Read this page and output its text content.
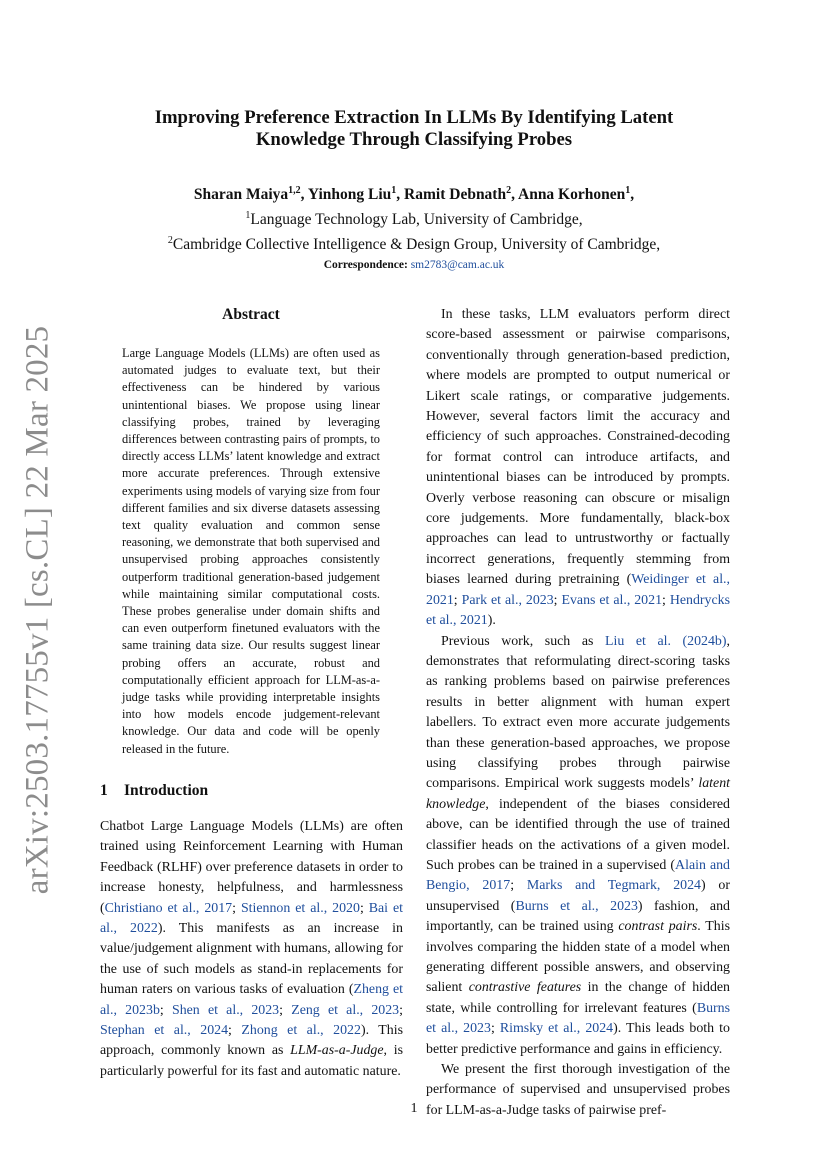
arXiv:2503.17755v1 [cs.CL] 22 Mar 2025
Improving Preference Extraction In LLMs By Identifying Latent
Knowledge Through Classifying Probes
Sharan Maiya$^{1,2}$, Yinhong Liu$^1$, Ramit Debnath$^2$, Anna Korhonen$^1$,
$^1$Language Technology Lab, University of Cambridge,
$^2$Cambridge Collective Intelligence & Design Group, University of Cambridge,
Correspondence: sm2783@cam.ac.uk
Abstract
Large Language Models (LLMs) are often used as automated judges to evaluate text, but their effectiveness can be hindered by various unintentional biases. We propose using linear classifying probes, trained by leveraging differences between contrasting pairs of prompts, to directly access LLMs’ latent knowledge and extract more accurate preferences. Through extensive experiments using models of varying size from four different families and six diverse datasets assessing text quality evaluation and common sense reasoning, we demonstrate that both supervised and unsupervised probing approaches consistently outperform traditional generation-based judgement while maintaining similar computational costs. These probes generalise under domain shifts and can even outperform finetuned evaluators with the same training data size. Our results suggest linear probing offers an accurate, robust and computationally efficient approach for LLM-as-a-judge tasks while providing interpretable insights into how models encode judgement-relevant knowledge. Our data and code will be openly released in the future.
1 Introduction

Chatbot Large Language Models (LLMs) are often trained using Reinforcement Learning with Human Feedback (RLHF) over preference datasets in order to increase honesty, helpfulness, and harmlessness (Christiano et al., 2017; Stiennon et al., 2020; Bai et al., 2022). This manifests as an increase in value/judgement alignment with humans, allowing for the use of such models as stand-in replacements for human raters on various tasks of evaluation (Zheng et al., 2023b; Shen et al., 2023; Zeng et al., 2023; Stephan et al., 2024; Zhong et al., 2022). This approach, commonly known as LLM-as-a-Judge, is particularly powerful for its fast and automatic nature.

In these tasks, LLM evaluators perform direct score-based assessment or pairwise comparisons, conventionally through generation-based prediction, where models are prompted to output numerical or Likert scale ratings, or comparative judgements. However, several factors limit the accuracy and efficiency of such approaches. Constrained-decoding for format control can introduce artifacts, and unintentional biases can be introduced by prompts. Overly verbose reasoning can obscure or misalign core judgements. More fundamentally, black-box approaches can lead to untrustworthy or factually incorrect generations, frequently stemming from biases learned during pretraining (Weidinger et al., 2021; Park et al., 2023; Evans et al., 2021; Hendrycks et al., 2021).

Previous work, such as Liu et al. (2024b), demonstrates that reformulating direct-scoring tasks as ranking problems based on pairwise preferences results in better alignment with human expert labellers. To extract even more accurate judgements than these generation-based approaches, we propose using classifying probes through pairwise comparisons. Empirical work suggests models’ latent knowledge, independent of the biases considered above, can be identified through the use of trained classifier heads on the activations of a given model. Such probes can be trained in a supervised (Alain and Bengio, 2017; Marks and Tegmark, 2024) or unsupervised (Burns et al., 2023) fashion, and importantly, can be trained using contrast pairs. This involves comparing the hidden state of a model when generating different possible answers, and observing salient contrastive features in the change of hidden state, while controlling for irrelevant features (Burns et al., 2023; Rimsky et al., 2024). This leads both to better predictive performance and gains in efficiency.

We present the first thorough investigation of the performance of supervised and unsupervised probes for LLM-as-a-Judge tasks of pairwise pref-

1
